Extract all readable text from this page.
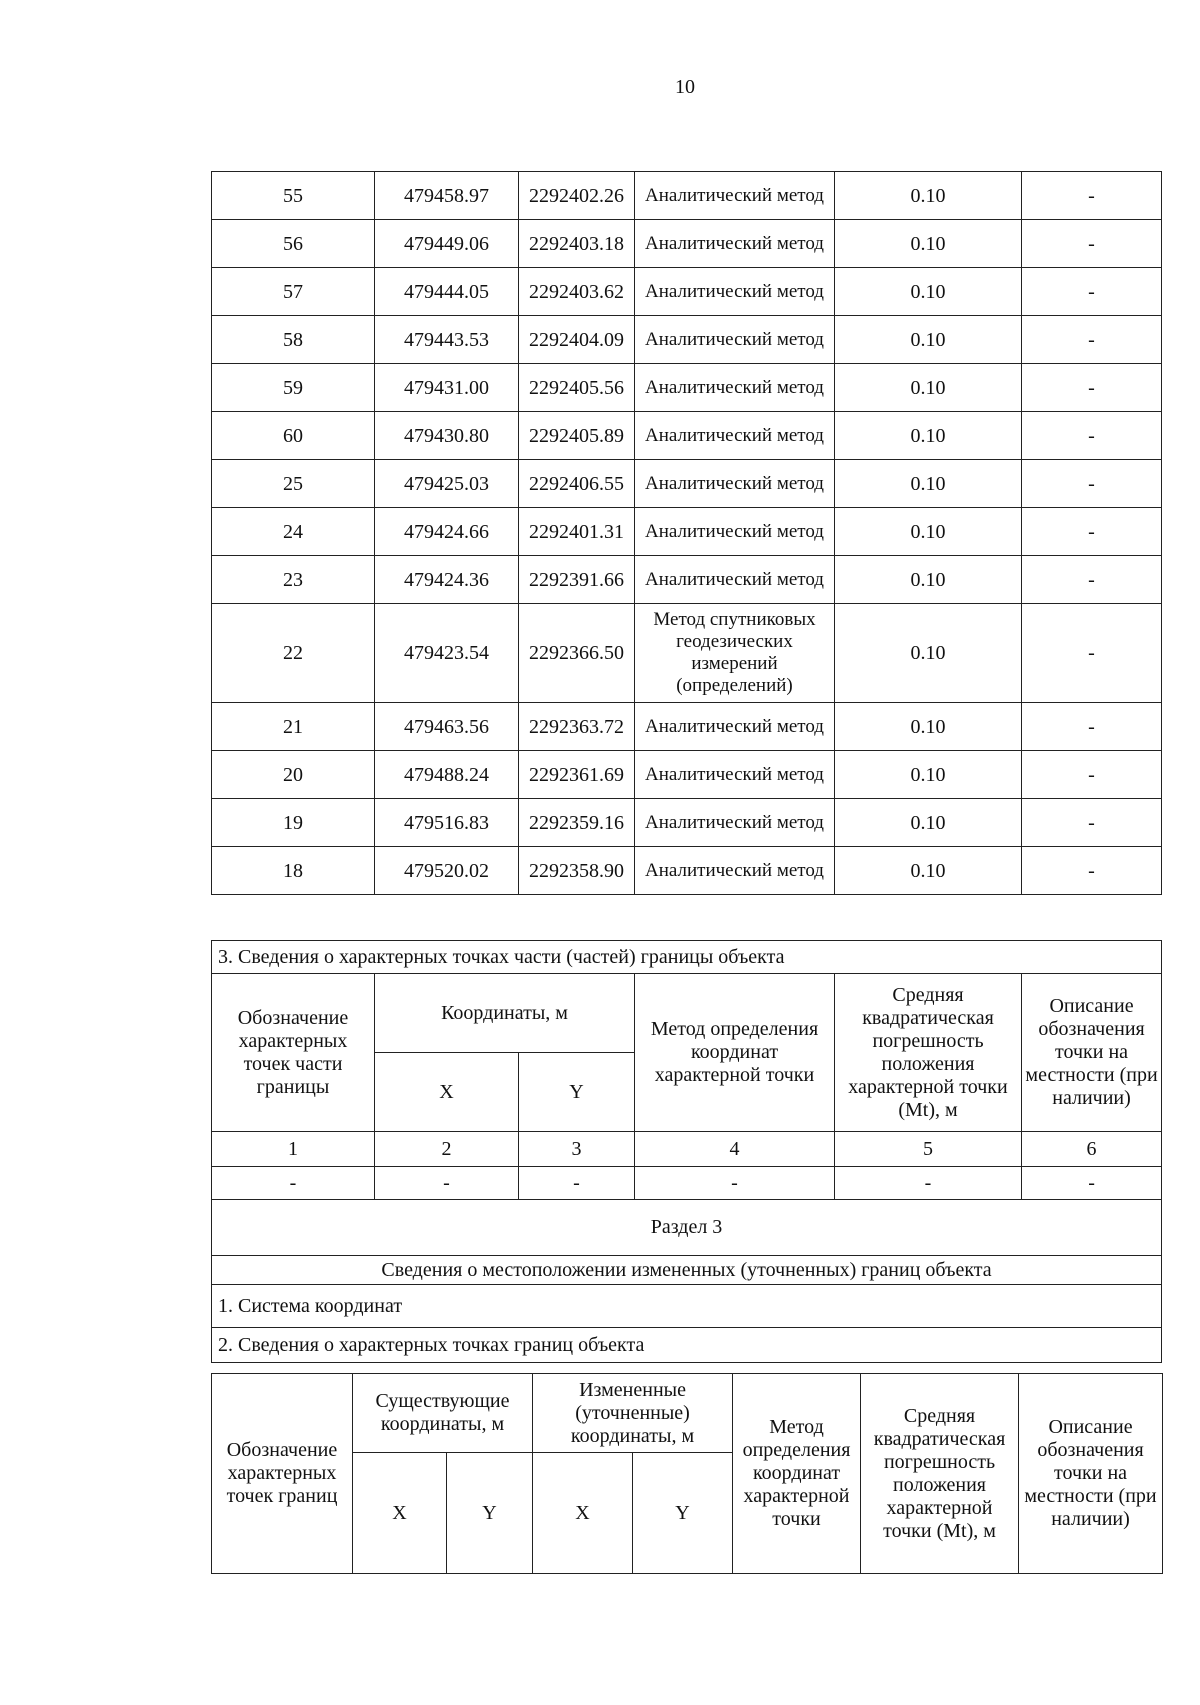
10
55	479458.97	2292402.26	Аналитический метод	0.10	-
56	479449.06	2292403.18	Аналитический метод	0.10	-
57	479444.05	2292403.62	Аналитический метод	0.10	-
58	479443.53	2292404.09	Аналитический метод	0.10	-
59	479431.00	2292405.56	Аналитический метод	0.10	-
60	479430.80	2292405.89	Аналитический метод	0.10	-
25	479425.03	2292406.55	Аналитический метод	0.10	-
24	479424.66	2292401.31	Аналитический метод	0.10	-
23	479424.36	2292391.66	Аналитический метод	0.10	-
22	479423.54	2292366.50	Метод спутниковых геодезических измерений (определений)	0.10	-
21	479463.56	2292363.72	Аналитический метод	0.10	-
20	479488.24	2292361.69	Аналитический метод	0.10	-
19	479516.83	2292359.16	Аналитический метод	0.10	-
18	479520.02	2292358.90	Аналитический метод	0.10	-
3. Сведения о характерных точках части (частей) границы объекта					
Обозначение характерных точек части границы	Координаты, м		Метод определения координат характерной точки	Средняя квадратическая погрешность положения характерной точки (Mt), м	Описание обозначения точки на местности (при наличии)
	X	Y			
1	2	3	4	5	6
-	-	-	-	-	-
Раздел 3					
Сведения о местоположении измененных (уточненных) границ объекта					
1. Система координат					
2. Сведения о характерных точках границ объекта					
Обозначение характерных точек границ	Существующие координаты, м		Измененные (уточненные) координаты, м		Метод определения координат характерной точки	Средняя квадратическая погрешность положения характерной точки (Mt), м	Описание обозначения точки на местности (при наличии)
	X	Y	X	Y			
